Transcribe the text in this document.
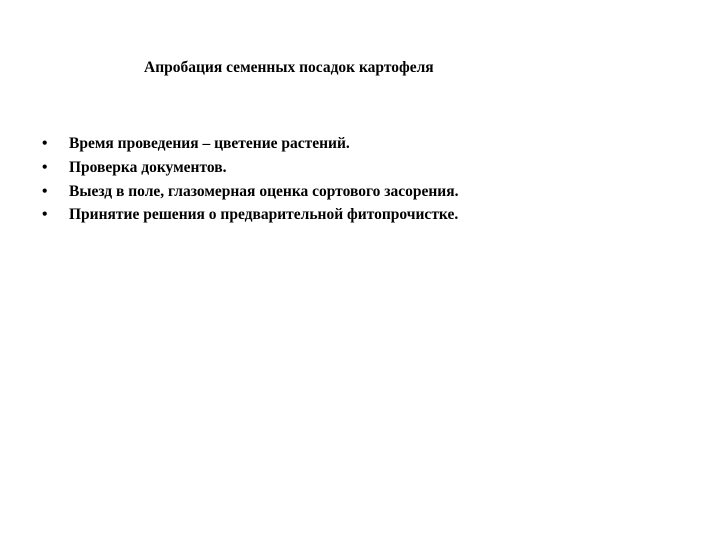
Апробация семенных посадок картофеля
•	Время проведения – цветение растений.
•	Проверка документов.
•	Выезд в поле, глазомерная оценка сортового засорения.
•	Принятие решения о предварительной фитопрочистке.
